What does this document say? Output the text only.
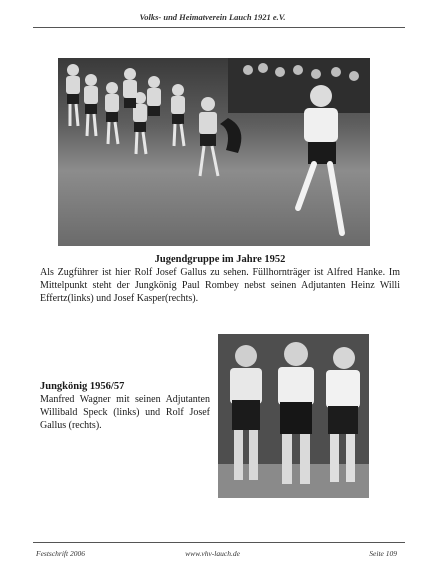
Volks- und Heimatverein Lauch 1921 e.V.
Jugendgruppe im Jahre 1952
Als Zugführer ist hier Rolf Josef Gallus zu sehen. Füllhornträger ist Alfred Hanke. Im Mittelpunkt steht der Jungkönig Paul Rombey nebst seinen Adjutanten Heinz Willi Effertz(links) und Josef Kasper(rechts).
Jungkönig 1956/57
Manfred Wagner mit seinen Adjutanten Willibald Speck (links) und Rolf Josef Gallus (rechts).
Festschrift 2006	www.vhv-lauch.de	Seite 109
